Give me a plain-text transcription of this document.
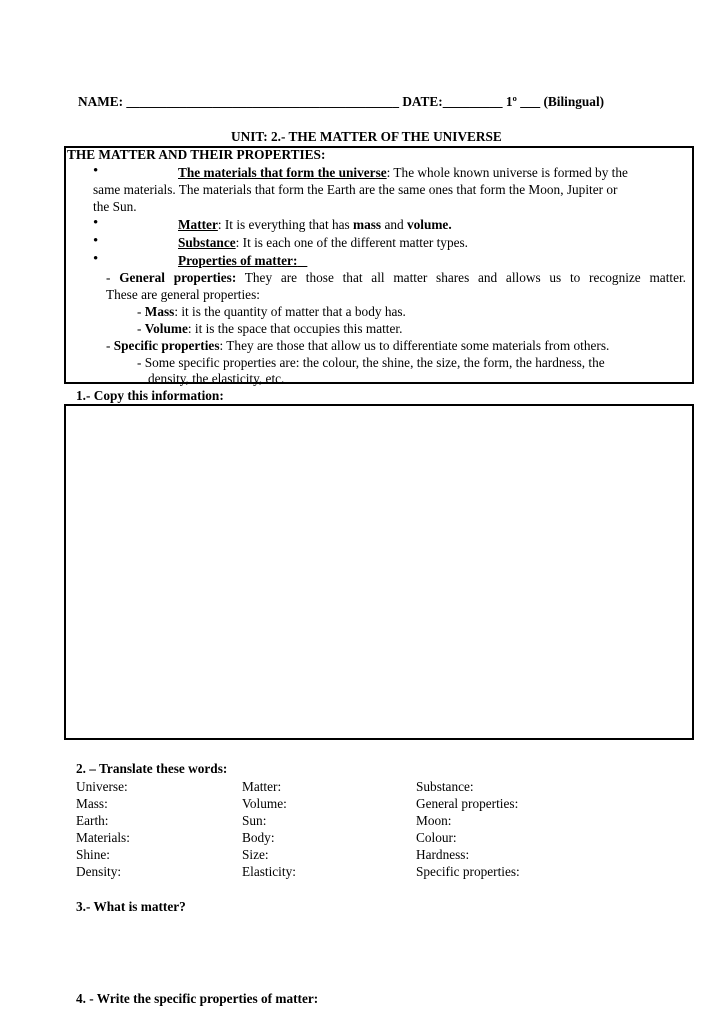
NAME: _________________________________________ DATE:_________ 1º ___ (Bilingual)
UNIT: 2.- THE MATTER OF THE UNIVERSE
THE MATTER AND THEIR PROPERTIES:
•	The materials that form the universe: The whole known universe is formed by the
same materials. The materials that form the Earth are the same ones that form the Moon, Jupiter or
the Sun.
•	Matter: It is everything that has mass and volume.
•	Substance: It is each one of the different matter types.
•	Properties of matter:
- General properties: They are those that all matter shares and allows us to recognize matter.
These are general properties:
- Mass: it is the quantity of matter that a body has.
- Volume: it is the space that occupies this matter.
- Specific properties: They are those that allow us to differentiate some materials from others.
- Some specific properties are: the colour, the shine, the size, the form, the hardness, the
density, the elasticity, etc.
1.- Copy this information:
2. – Translate these words:
Universe:	Matter:	Substance:
Mass:	Volume:	General properties:
Earth:	Sun:	Moon:
Materials:	Body:	Colour:
Shine:	Size:	Hardness:
Density:	Elasticity:	Specific properties:
3.- What is matter?
4. - Write the specific properties of matter:
